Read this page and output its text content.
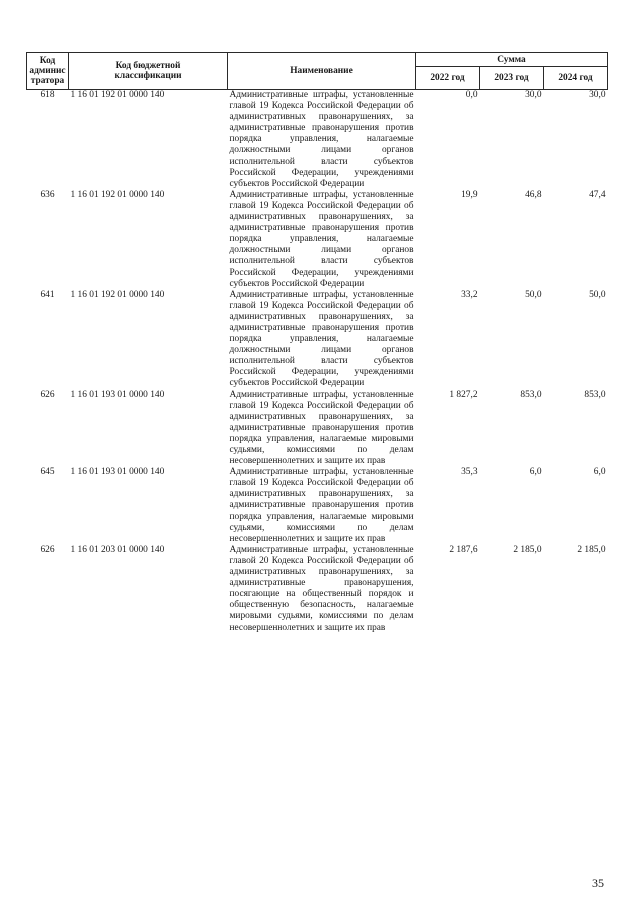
Код
админис
тратора	Код бюджетной
классификации	Наименование	Сумма		
			2022 год	2023 год	2024 год
618	1 16 01 192 01 0000 140	Административные штрафы, установленные главой 19 Кодекса Российской Федерации об административных правонарушениях, за административные правонарушения против порядка управления, налагаемые должностными лицами органов исполнительной власти субъектов Российской Федерации, учреждениями субъектов Российской Федерации	0,0	30,0	30,0
636	1 16 01 192 01 0000 140	Административные штрафы, установленные главой 19 Кодекса Российской Федерации об административных правонарушениях, за административные правонарушения против порядка управления, налагаемые должностными лицами органов исполнительной власти субъектов Российской Федерации, учреждениями субъектов Российской Федерации	19,9	46,8	47,4
641	1 16 01 192 01 0000 140	Административные штрафы, установленные главой 19 Кодекса Российской Федерации об административных правонарушениях, за административные правонарушения против порядка управления, налагаемые должностными лицами органов исполнительной власти субъектов Российской Федерации, учреждениями субъектов Российской Федерации	33,2	50,0	50,0
626	1 16 01 193 01 0000 140	Административные штрафы, установленные главой 19 Кодекса Российской Федерации об административных правонарушениях, за административные правонарушения против порядка управления, налагаемые мировыми судьями, комиссиями по делам несовершеннолетних и защите их прав	1 827,2	853,0	853,0
645	1 16 01 193 01 0000 140	Административные штрафы, установленные главой 19 Кодекса Российской Федерации об административных правонарушениях, за административные правонарушения против порядка управления, налагаемые мировыми судьями, комиссиями по делам несовершеннолетних и защите их прав	35,3	6,0	6,0
626	1 16 01 203 01 0000 140	Административные штрафы, установленные главой 20 Кодекса Российской Федерации об административных правонарушениях, за административные правонарушения, посягающие на общественный порядок и общественную безопасность, налагаемые мировыми судьями, комиссиями по делам несовершеннолетних и защите их прав	2 187,6	2 185,0	2 185,0
35
